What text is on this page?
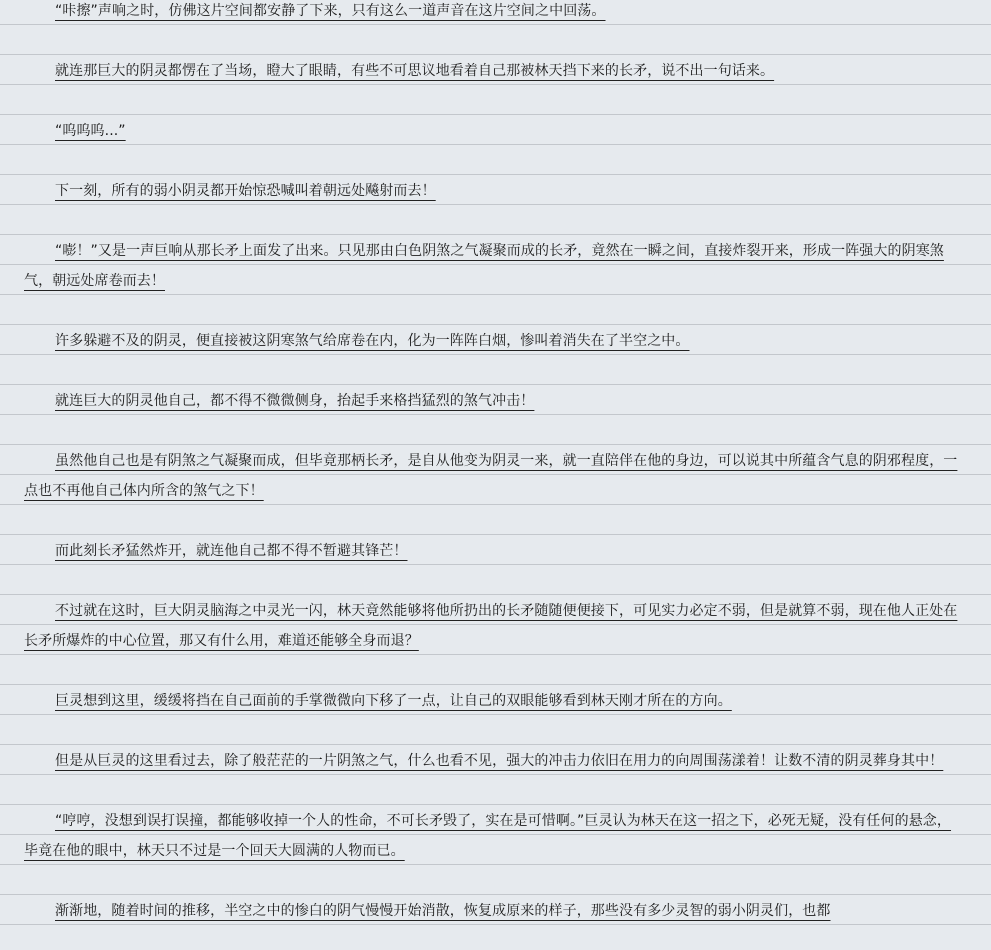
“咔擦”声响之时，仿佛这片空间都安静了下来，只有这么一道声音在这片空间之中回荡。

就连那巨大的阴灵都愣在了当场，瞪大了眼睛，有些不可思议地看着自己那被林天挡下来的长矛，说不出一句话来。

“呜呜呜...”

下一刻，所有的弱小阴灵都开始惊恐喊叫着朝远处飚射而去！

“嘭！”又是一声巨响从那长矛上面发了出来。只见那由白色阴煞之气凝聚而成的长矛，竟然在一瞬之间，直接炸裂开来，形成一阵强大的阴寒煞气，朝远处席卷而去！

许多躲避不及的阴灵，便直接被这阴寒煞气给席卷在内，化为一阵阵白烟，惨叫着消失在了半空之中。

就连巨大的阴灵他自己，都不得不微微侧身，抬起手来格挡猛烈的煞气冲击！

虽然他自己也是有阴煞之气凝聚而成，但毕竟那柄长矛，是自从他变为阴灵一来，就一直陪伴在他的身边，可以说其中所蕴含气息的阴邪程度，一点也不再他自己体内所含的煞气之下！

而此刻长矛猛然炸开，就连他自己都不得不暂避其锋芒！

不过就在这时，巨大阴灵脑海之中灵光一闪，林天竟然能够将他所扔出的长矛随随便便接下，可见实力必定不弱，但是就算不弱，现在他人正处在长矛所爆炸的中心位置，那又有什么用，难道还能够全身而退？

巨灵想到这里，缓缓将挡在自己面前的手掌微微向下移了一点，让自己的双眼能够看到林天刚才所在的方向。

但是从巨灵的这里看过去，除了般茫茫的一片阴煞之气，什么也看不见，强大的冲击力依旧在用力的向周围荡漾着！让数不清的阴灵葬身其中！

“哼哼，没想到误打误撞，都能够收掉一个人的性命，不可长矛毁了，实在是可惜啊。”巨灵认为林天在这一招之下，必死无疑，没有任何的悬念，毕竟在他的眼中，林天只不过是一个回天大圆满的人物而已。

渐渐地，随着时间的推移，半空之中的惨白的阴气慢慢开始消散，恢复成原来的样子，那些没有多少灵智的弱小阴灵们，也都
